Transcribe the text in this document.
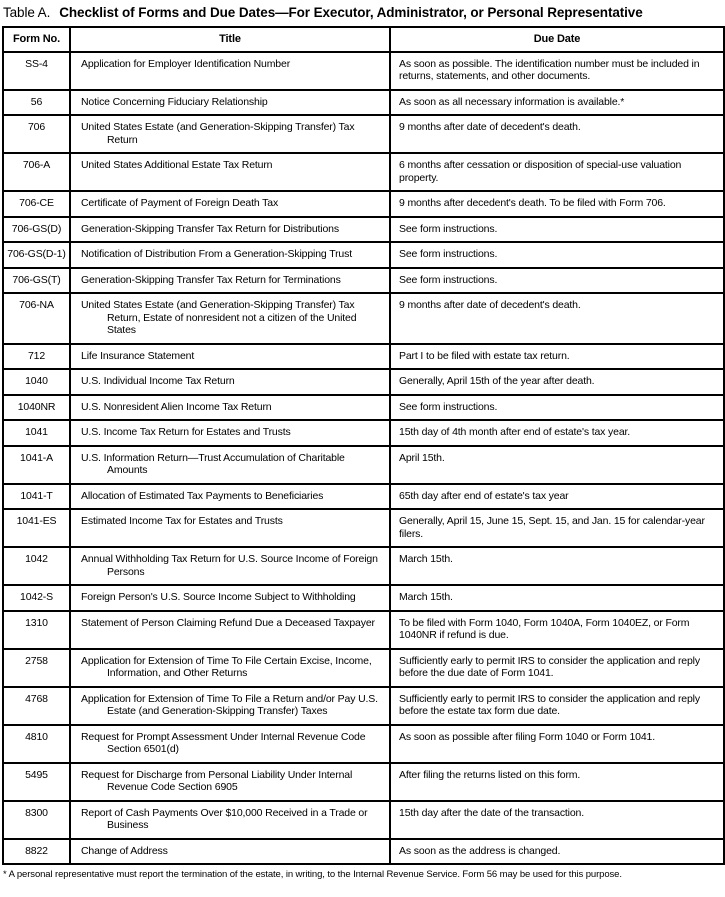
Table A. Checklist of Forms and Due Dates—For Executor, Administrator, or Personal Representative
Form No.	Title	Due Date
SS-4	Application for Employer Identification Number	As soon as possible. The identification number must be included in returns, statements, and other documents.
56	Notice Concerning Fiduciary Relationship	As soon as all necessary information is available.*
706	United States Estate (and Generation-Skipping Transfer) Tax Return	9 months after date of decedent's death.
706-A	United States Additional Estate Tax Return	6 months after cessation or disposition of special-use valuation property.
706-CE	Certificate of Payment of Foreign Death Tax	9 months after decedent's death. To be filed with Form 706.
706-GS(D)	Generation-Skipping Transfer Tax Return for Distributions	See form instructions.
706-GS(D-1)	Notification of Distribution From a Generation-Skipping Trust	See form instructions.
706-GS(T)	Generation-Skipping Transfer Tax Return for Terminations	See form instructions.
706-NA	United States Estate (and Generation-Skipping Transfer) Tax Return, Estate of nonresident not a citizen of the United States	9 months after date of decedent's death.
712	Life Insurance Statement	Part I to be filed with estate tax return.
1040	U.S. Individual Income Tax Return	Generally, April 15th of the year after death.
1040NR	U.S. Nonresident Alien Income Tax Return	See form instructions.
1041	U.S. Income Tax Return for Estates and Trusts	15th day of 4th month after end of estate's tax year.
1041-A	U.S. Information Return—Trust Accumulation of Charitable Amounts	April 15th.
1041-T	Allocation of Estimated Tax Payments to Beneficiaries	65th day after end of estate's tax year
1041-ES	Estimated Income Tax for Estates and Trusts	Generally, April 15, June 15, Sept. 15, and Jan. 15 for calendar-year filers.
1042	Annual Withholding Tax Return for U.S. Source Income of Foreign Persons	March 15th.
1042-S	Foreign Person's U.S. Source Income Subject to Withholding	March 15th.
1310	Statement of Person Claiming Refund Due a Deceased Taxpayer	To be filed with Form 1040, Form 1040A, Form 1040EZ, or Form 1040NR if refund is due.
2758	Application for Extension of Time To File Certain Excise, Income, Information, and Other Returns	Sufficiently early to permit IRS to consider the application and reply before the due date of Form 1041.
4768	Application for Extension of Time To File a Return and/or Pay U.S. Estate (and Generation-Skipping Transfer) Taxes	Sufficiently early to permit IRS to consider the application and reply before the estate tax form due date.
4810	Request for Prompt Assessment Under Internal Revenue Code Section 6501(d)	As soon as possible after filing Form 1040 or Form 1041.
5495	Request for Discharge from Personal Liability Under Internal Revenue Code Section 6905	After filing the returns listed on this form.
8300	Report of Cash Payments Over $10,000 Received in a Trade or Business	15th day after the date of the transaction.
8822	Change of Address	As soon as the address is changed.
* A personal representative must report the termination of the estate, in writing, to the Internal Revenue Service. Form 56 may be used for this purpose.
